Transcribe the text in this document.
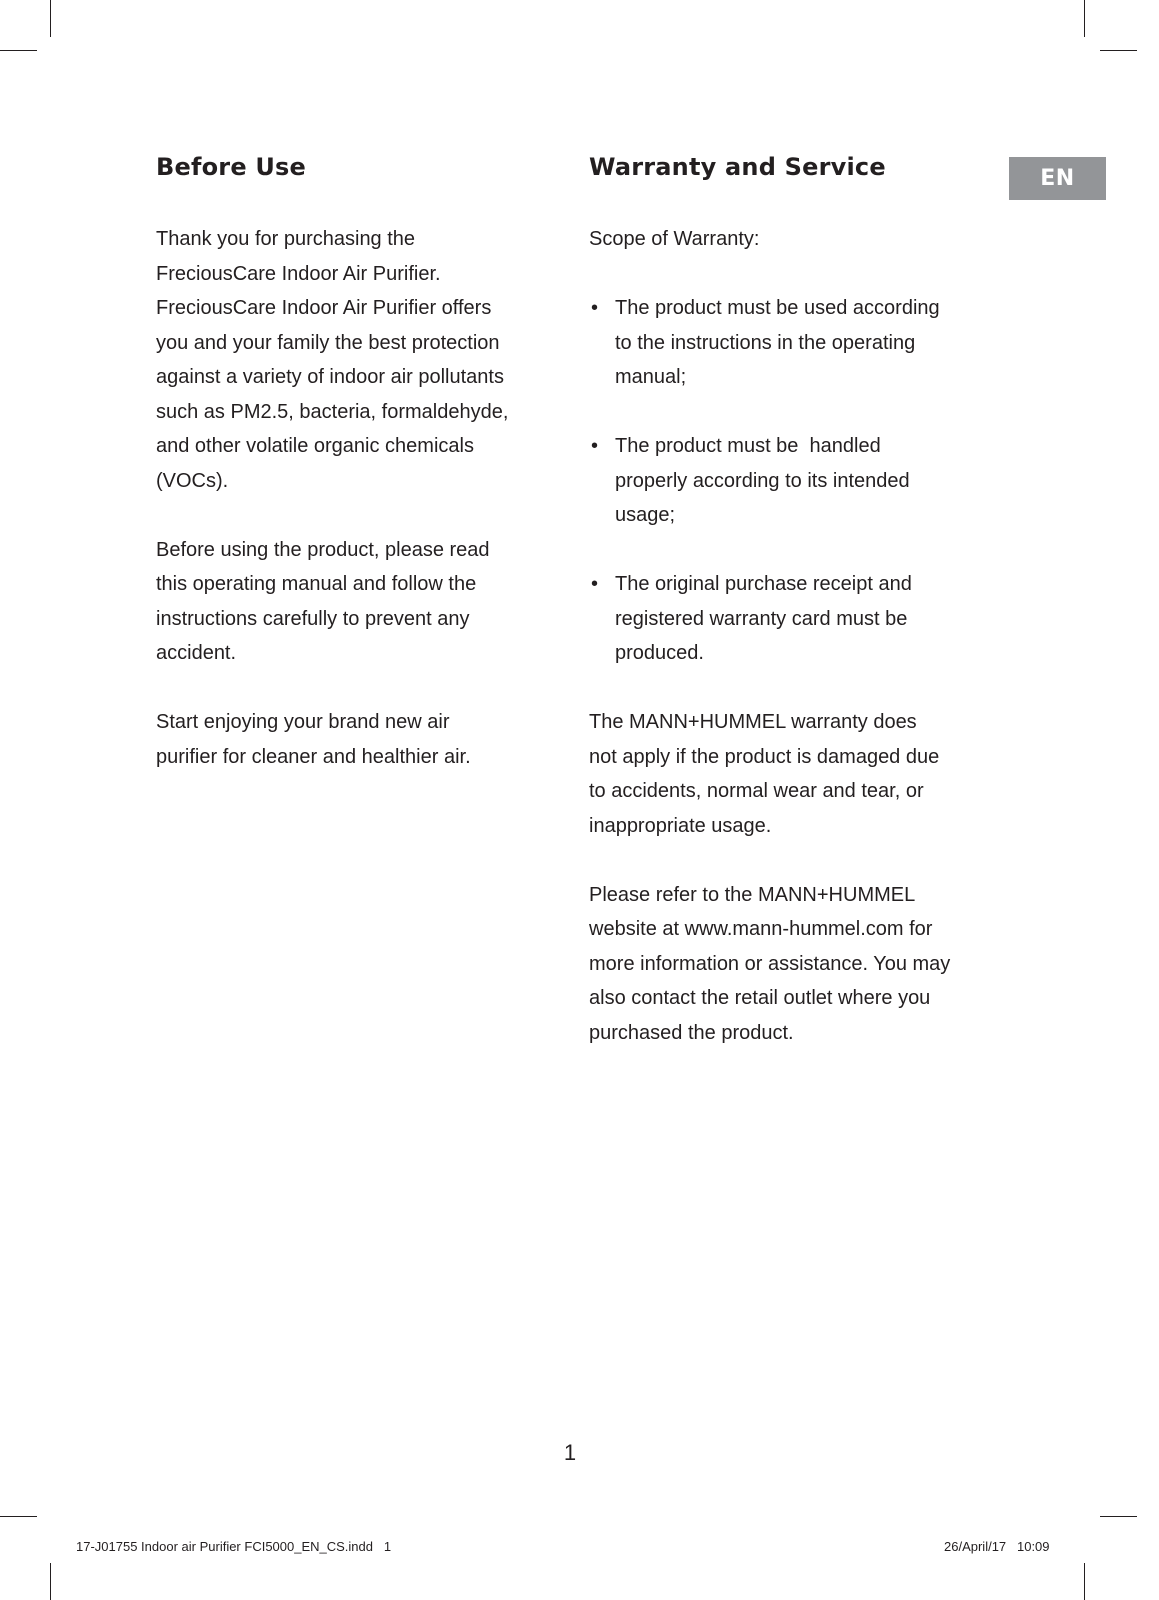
EN
Before Use

Thank you for purchasing the

FreciousCare Indoor Air Purifier.

FreciousCare Indoor Air Purifier offers

you and your family the best protection

against a variety of indoor air pollutants

such as PM2.5, bacteria, formaldehyde,

and other volatile organic chemicals

(VOCs).

Before using the product, please read

this operating manual and follow the

instructions carefully to prevent any

accident.

Start enjoying your brand new air

purifier for cleaner and healthier air.

Warranty and Service

Scope of Warranty:

• The product must be used according
to the instructions in the operating
manual;
• The product must be  handled
properly according to its intended
usage;
• The original purchase receipt and
registered warranty card must be
produced.

The MANN+HUMMEL warranty does

not apply if the product is damaged due

to accidents, normal wear and tear, or

inappropriate usage.

Please refer to the MANN+HUMMEL

website at www.mann-hummel.com for

more information or assistance. You may

also contact the retail outlet where you

purchased the product.

1
17-J01755 Indoor air Purifier FCI5000_EN_CS.indd   1	26/April/17   10:09
